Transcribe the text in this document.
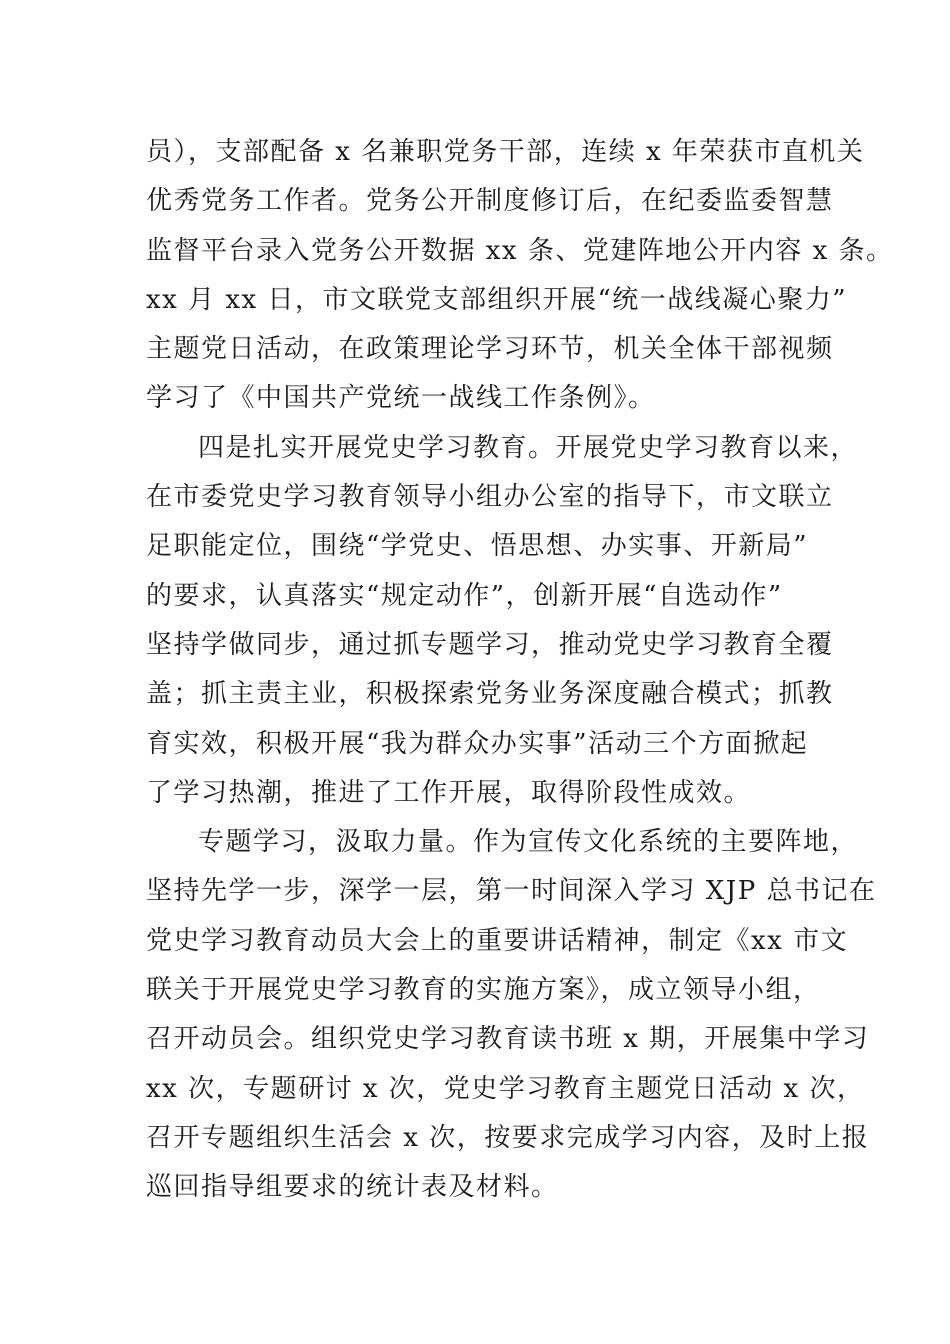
员），支部配备 x 名兼职党务干部，连续 x 年荣获市直机关
优秀党务工作者。党务公开制度修订后，在纪委监委智慧
监督平台录入党务公开数据 xx 条、党建阵地公开内容 x 条。
xx 月 xx 日，市文联党支部组织开展“统一战线凝心聚力”
主题党日活动，在政策理论学习环节，机关全体干部视频
学习了《中国共产党统一战线工作条例》。
四是扎实开展党史学习教育。开展党史学习教育以来，
在市委党史学习教育领导小组办公室的指导下，市文联立
足职能定位，围绕“学党史、悟思想、办实事、开新局”
的要求，认真落实“规定动作”，创新开展“自选动作”
坚持学做同步，通过抓专题学习，推动党史学习教育全覆
盖；抓主责主业，积极探索党务业务深度融合模式；抓教
育实效，积极开展“我为群众办实事”活动三个方面掀起
了学习热潮，推进了工作开展，取得阶段性成效。
专题学习，汲取力量。作为宣传文化系统的主要阵地，
坚持先学一步，深学一层，第一时间深入学习 XJP 总书记在
党史学习教育动员大会上的重要讲话精神，制定《xx 市文
联关于开展党史学习教育的实施方案》，成立领导小组，
召开动员会。组织党史学习教育读书班 x 期，开展集中学习
xx 次，专题研讨 x 次，党史学习教育主题党日活动 x 次，
召开专题组织生活会 x 次，按要求完成学习内容，及时上报
巡回指导组要求的统计表及材料。
